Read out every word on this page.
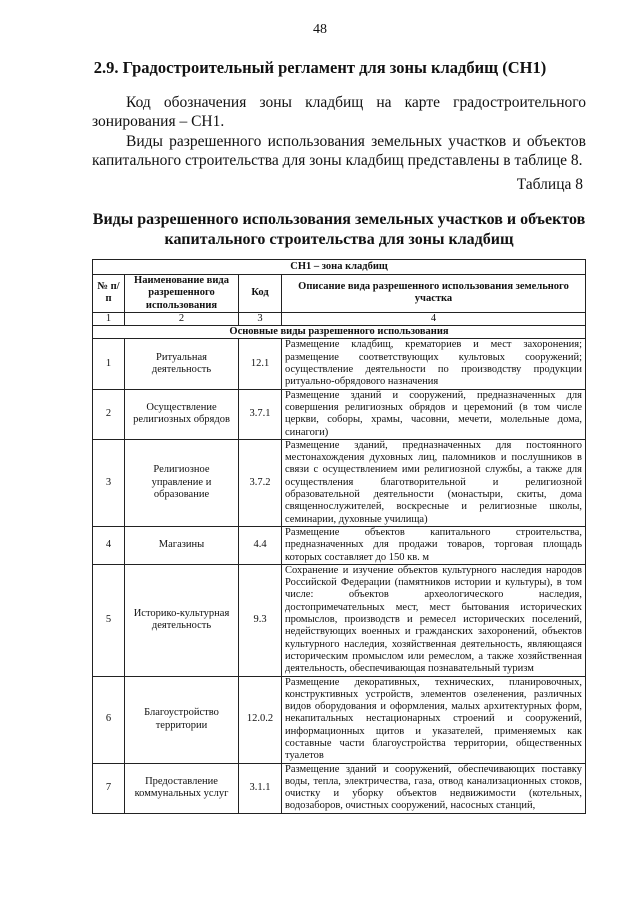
48
2.9. Градостроительный регламент для зоны кладбищ (СН1)

Код обозначения зоны кладбищ на карте градостроительного зонирования – СН1.

Виды разрешенного использования земельных участков и объектов капитального строительства для зоны кладбищ представлены в таблице 8.

Таблица 8
Виды разрешенного использования земельных участков и объектов капитального строительства для зоны кладбищ
СН1 – зона кладбищ			
№ п/п	Наименование вида разрешенного использования	Код	Описание вида разрешенного использования земельного участка
1	2	3	4
Основные виды разрешенного использования			
1	Ритуальная деятельность	12.1	Размещение кладбищ, крематориев и мест захоронения; размещение соответствующих культовых сооружений; осуществление деятельности по производству продукции ритуально-обрядового назначения
2	Осуществление религиозных обрядов	3.7.1	Размещение зданий и сооружений, предназначенных для совершения религиозных обрядов и церемоний (в том числе церкви, соборы, храмы, часовни, мечети, молельные дома, синагоги)
3	Религиозное управление и образование	3.7.2	Размещение зданий, предназначенных для постоянного местонахождения духовных лиц, паломников и послушников в связи с осуществлением ими религиозной службы, а также для осуществления благотворительной и религиозной образовательной деятельности (монастыри, скиты, дома священнослужителей, воскресные и религиозные школы, семинарии, духовные училища)
4	Магазины	4.4	Размещение объектов капитального строительства, предназначенных для продажи товаров, торговая площадь которых составляет до 150 кв. м
5	Историко-культурная деятельность	9.3	Сохранение и изучение объектов культурного наследия народов Российской Федерации (памятников истории и культуры), в том числе: объектов археологического наследия, достопримечательных мест, мест бытования исторических промыслов, производств и ремесел исторических поселений, недействующих военных и гражданских захоронений, объектов культурного наследия, хозяйственная деятельность, являющаяся историческим промыслом или ремеслом, а также хозяйственная деятельность, обеспечивающая познавательный туризм
6	Благоустройство территории	12.0.2	Размещение декоративных, технических, планировочных, конструктивных устройств, элементов озеленения, различных видов оборудования и оформления, малых архитектурных форм, некапитальных нестационарных строений и сооружений, информационных щитов и указателей, применяемых как составные части благоустройства территории, общественных туалетов
7	Предоставление коммунальных услуг	3.1.1	Размещение зданий и сооружений, обеспечивающих поставку воды, тепла, электричества, газа, отвод канализационных стоков, очистку и уборку объектов недвижимости (котельных, водозаборов, очистных сооружений, насосных станций,
